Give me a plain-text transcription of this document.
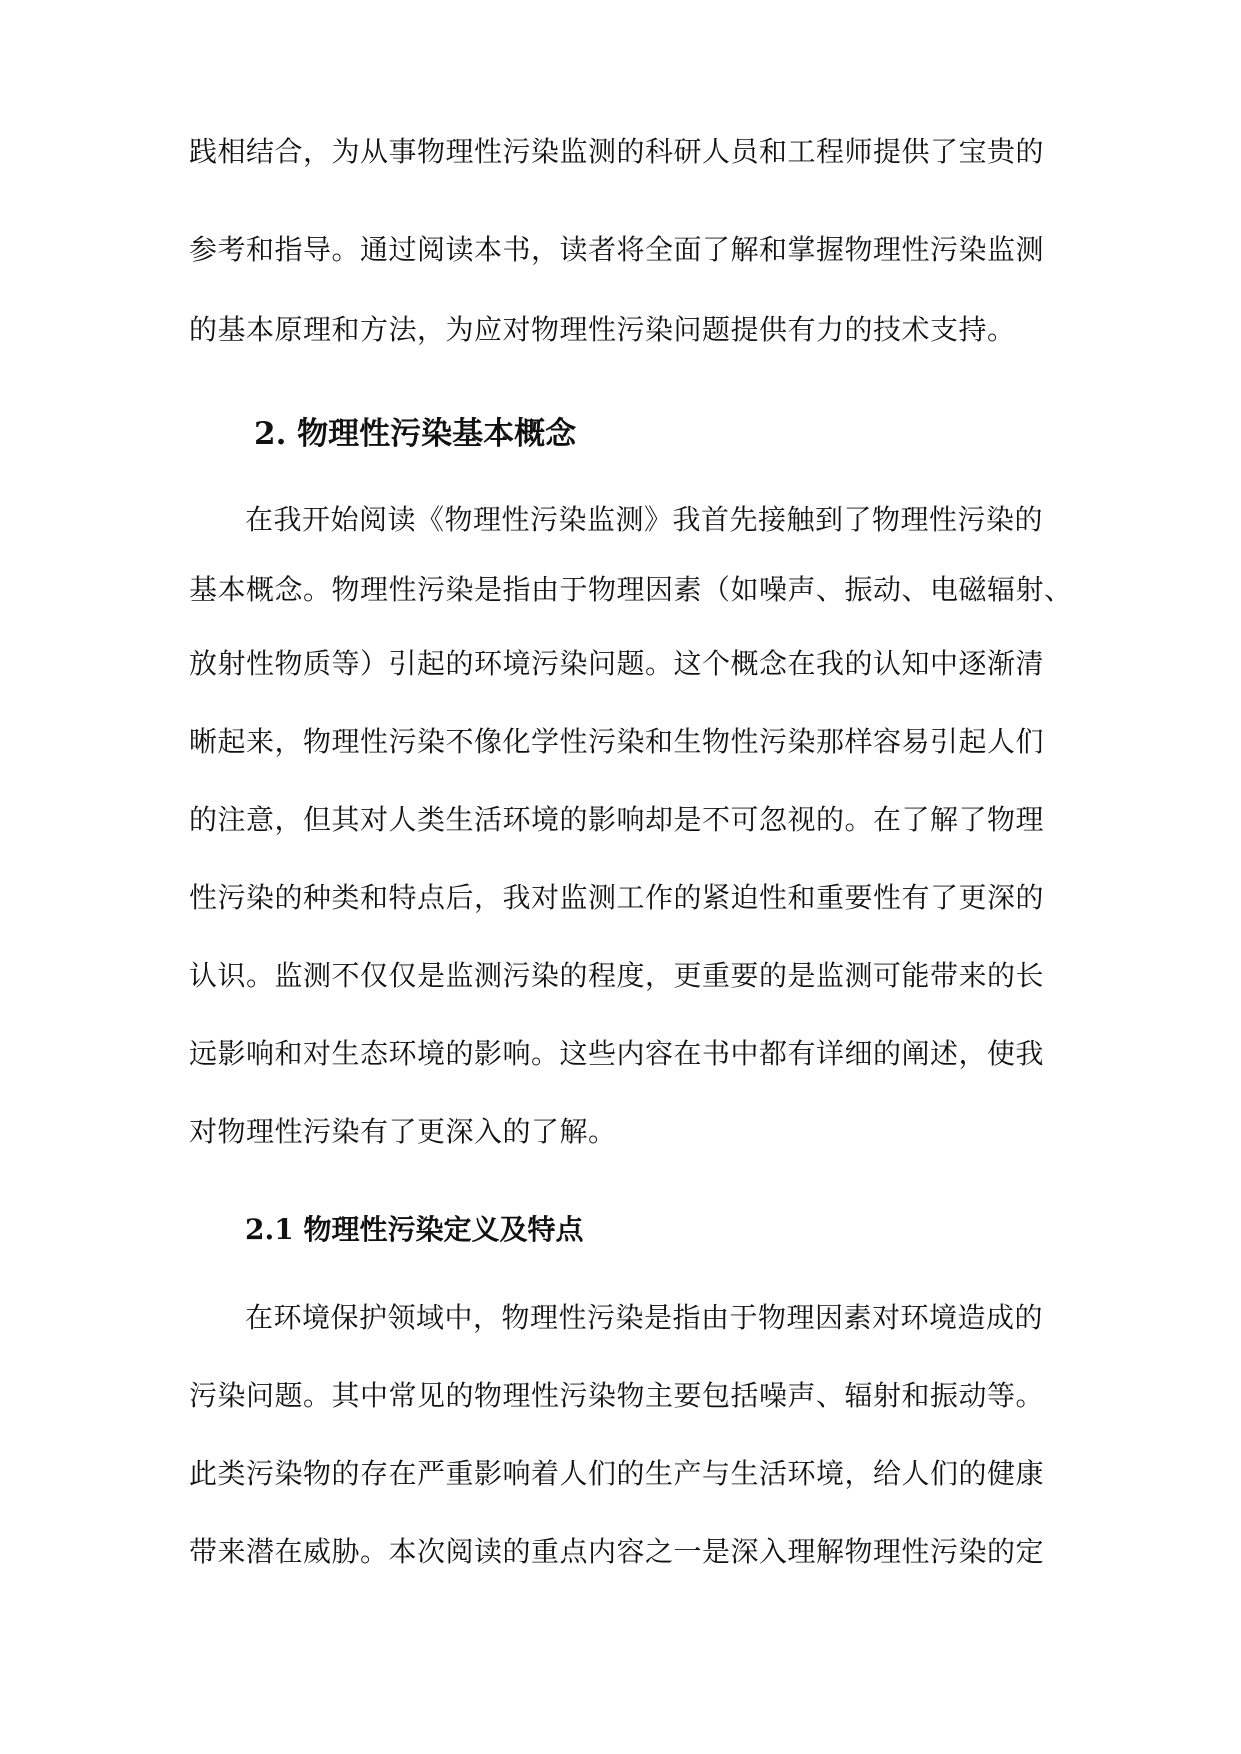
践相结合，为从事物理性污染监测的科研人员和工程师提供了宝贵的
参考和指导。通过阅读本书，读者将全面了解和掌握物理性污染监测
的基本原理和方法，为应对物理性污染问题提供有力的技术支持。
2. 物理性污染基本概念
在我开始阅读《物理性污染监测》我首先接触到了物理性污染的
基本概念。物理性污染是指由于物理因素（如噪声、振动、电磁辐射、
放射性物质等）引起的环境污染问题。这个概念在我的认知中逐渐清
晰起来，物理性污染不像化学性污染和生物性污染那样容易引起人们
的注意，但其对人类生活环境的影响却是不可忽视的。在了解了物理
性污染的种类和特点后，我对监测工作的紧迫性和重要性有了更深的
认识。监测不仅仅是监测污染的程度，更重要的是监测可能带来的长
远影响和对生态环境的影响。这些内容在书中都有详细的阐述，使我
对物理性污染有了更深入的了解。
2.1 物理性污染定义及特点
在环境保护领域中，物理性污染是指由于物理因素对环境造成的
污染问题。其中常见的物理性污染物主要包括噪声、辐射和振动等。
此类污染物的存在严重影响着人们的生产与生活环境，给人们的健康
带来潜在威胁。本次阅读的重点内容之一是深入理解物理性污染的定
